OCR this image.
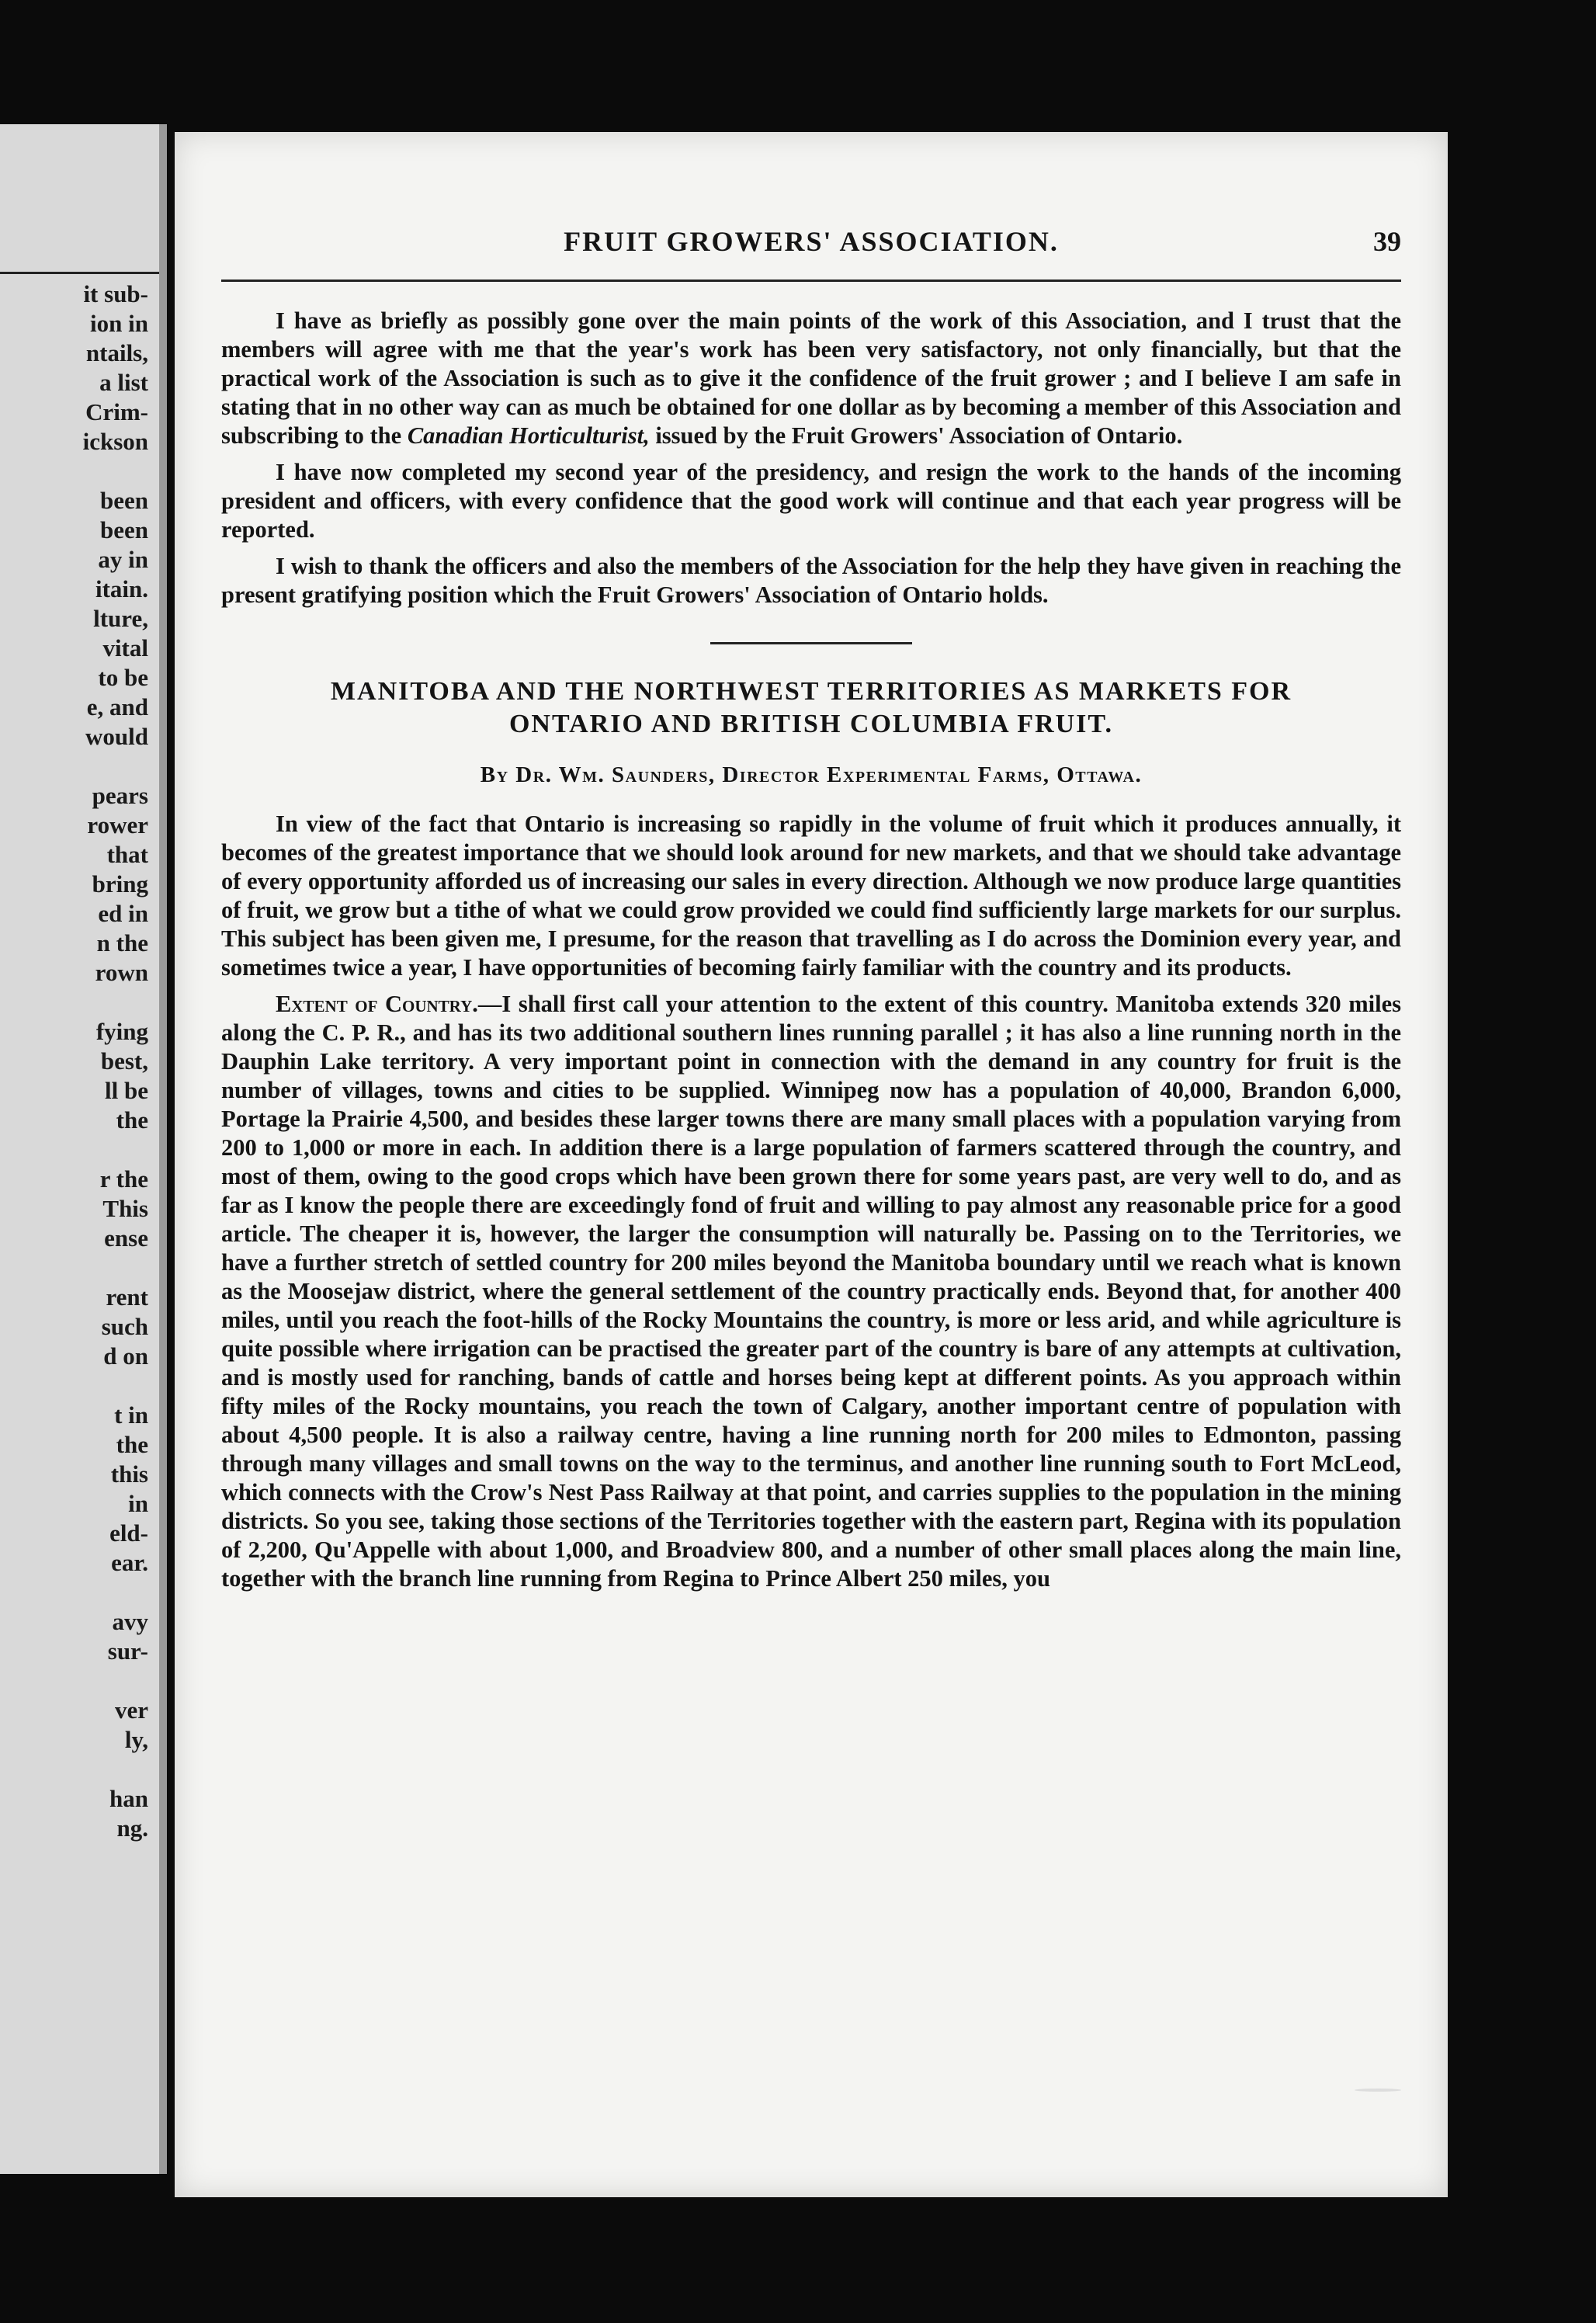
it sub-
ion in
ntails,
a list
Crim-
ickson
been
been
ay in
itain.
lture,
vital
to be
e, and
would
pears
rower
that
bring
ed in
n the
rown
fying
best,
ll be
the
r the
This
ense
rent
such
d on
t in
the
this
in
eld-
ear.
avy
sur-
ver
ly,
han
ng.
FRUIT GROWERS' ASSOCIATION.	39

I have as briefly as possibly gone over the main points of the work of this Association, and I trust that the members will agree with me that the year's work has been very satisfactory, not only financially, but that the practical work of the Association is such as to give it the confidence of the fruit grower ; and I believe I am safe in stating that in no other way can as much be obtained for one dollar as by becoming a member of this Association and subscribing to the Canadian Horticulturist, issued by the Fruit Growers' Association of Ontario.

I have now completed my second year of the presidency, and resign the work to the hands of the incoming president and officers, with every confidence that the good work will continue and that each year progress will be reported.

I wish to thank the officers and also the members of the Association for the help they have given in reaching the present gratifying position which the Fruit Growers' Association of Ontario holds.

MANITOBA AND THE NORTHWEST TERRITORIES AS MARKETS FOR
ONTARIO AND BRITISH COLUMBIA FRUIT.
By Dr. Wm. Saunders, Director Experimental Farms, Ottawa.

In view of the fact that Ontario is increasing so rapidly in the volume of fruit which it produces annually, it becomes of the greatest importance that we should look around for new markets, and that we should take advantage of every opportunity afforded us of increasing our sales in every direction. Although we now produce large quantities of fruit, we grow but a tithe of what we could grow provided we could find sufficiently large markets for our surplus. This subject has been given me, I presume, for the reason that travelling as I do across the Dominion every year, and sometimes twice a year, I have opportunities of becoming fairly familiar with the country and its products.

Extent of Country.—I shall first call your attention to the extent of this country. Manitoba extends 320 miles along the C. P. R., and has its two additional southern lines running parallel ; it has also a line running north in the Dauphin Lake territory. A very important point in connection with the demand in any country for fruit is the number of villages, towns and cities to be supplied. Winnipeg now has a population of 40,000, Brandon 6,000, Portage la Prairie 4,500, and besides these larger towns there are many small places with a population varying from 200 to 1,000 or more in each. In addition there is a large population of farmers scattered through the country, and most of them, owing to the good crops which have been grown there for some years past, are very well to do, and as far as I know the people there are exceedingly fond of fruit and willing to pay almost any reasonable price for a good article. The cheaper it is, however, the larger the consumption will naturally be. Passing on to the Territories, we have a further stretch of settled country for 200 miles beyond the Manitoba boundary until we reach what is known as the Moosejaw district, where the general settlement of the country practically ends. Beyond that, for another 400 miles, until you reach the foot-hills of the Rocky Mountains the country, is more or less arid, and while agriculture is quite possible where irrigation can be practised the greater part of the country is bare of any attempts at cultivation, and is mostly used for ranching, bands of cattle and horses being kept at different points. As you approach within fifty miles of the Rocky mountains, you reach the town of Calgary, another important centre of population with about 4,500 people. It is also a railway centre, having a line running north for 200 miles to Edmonton, passing through many villages and small towns on the way to the terminus, and another line running south to Fort McLeod, which connects with the Crow's Nest Pass Railway at that point, and carries supplies to the population in the mining districts. So you see, taking those sections of the Territories together with the eastern part, Regina with its population of 2,200, Qu'Appelle with about 1,000, and Broadview 800, and a number of other small places along the main line, together with the branch line running from Regina to Prince Albert 250 miles, you
